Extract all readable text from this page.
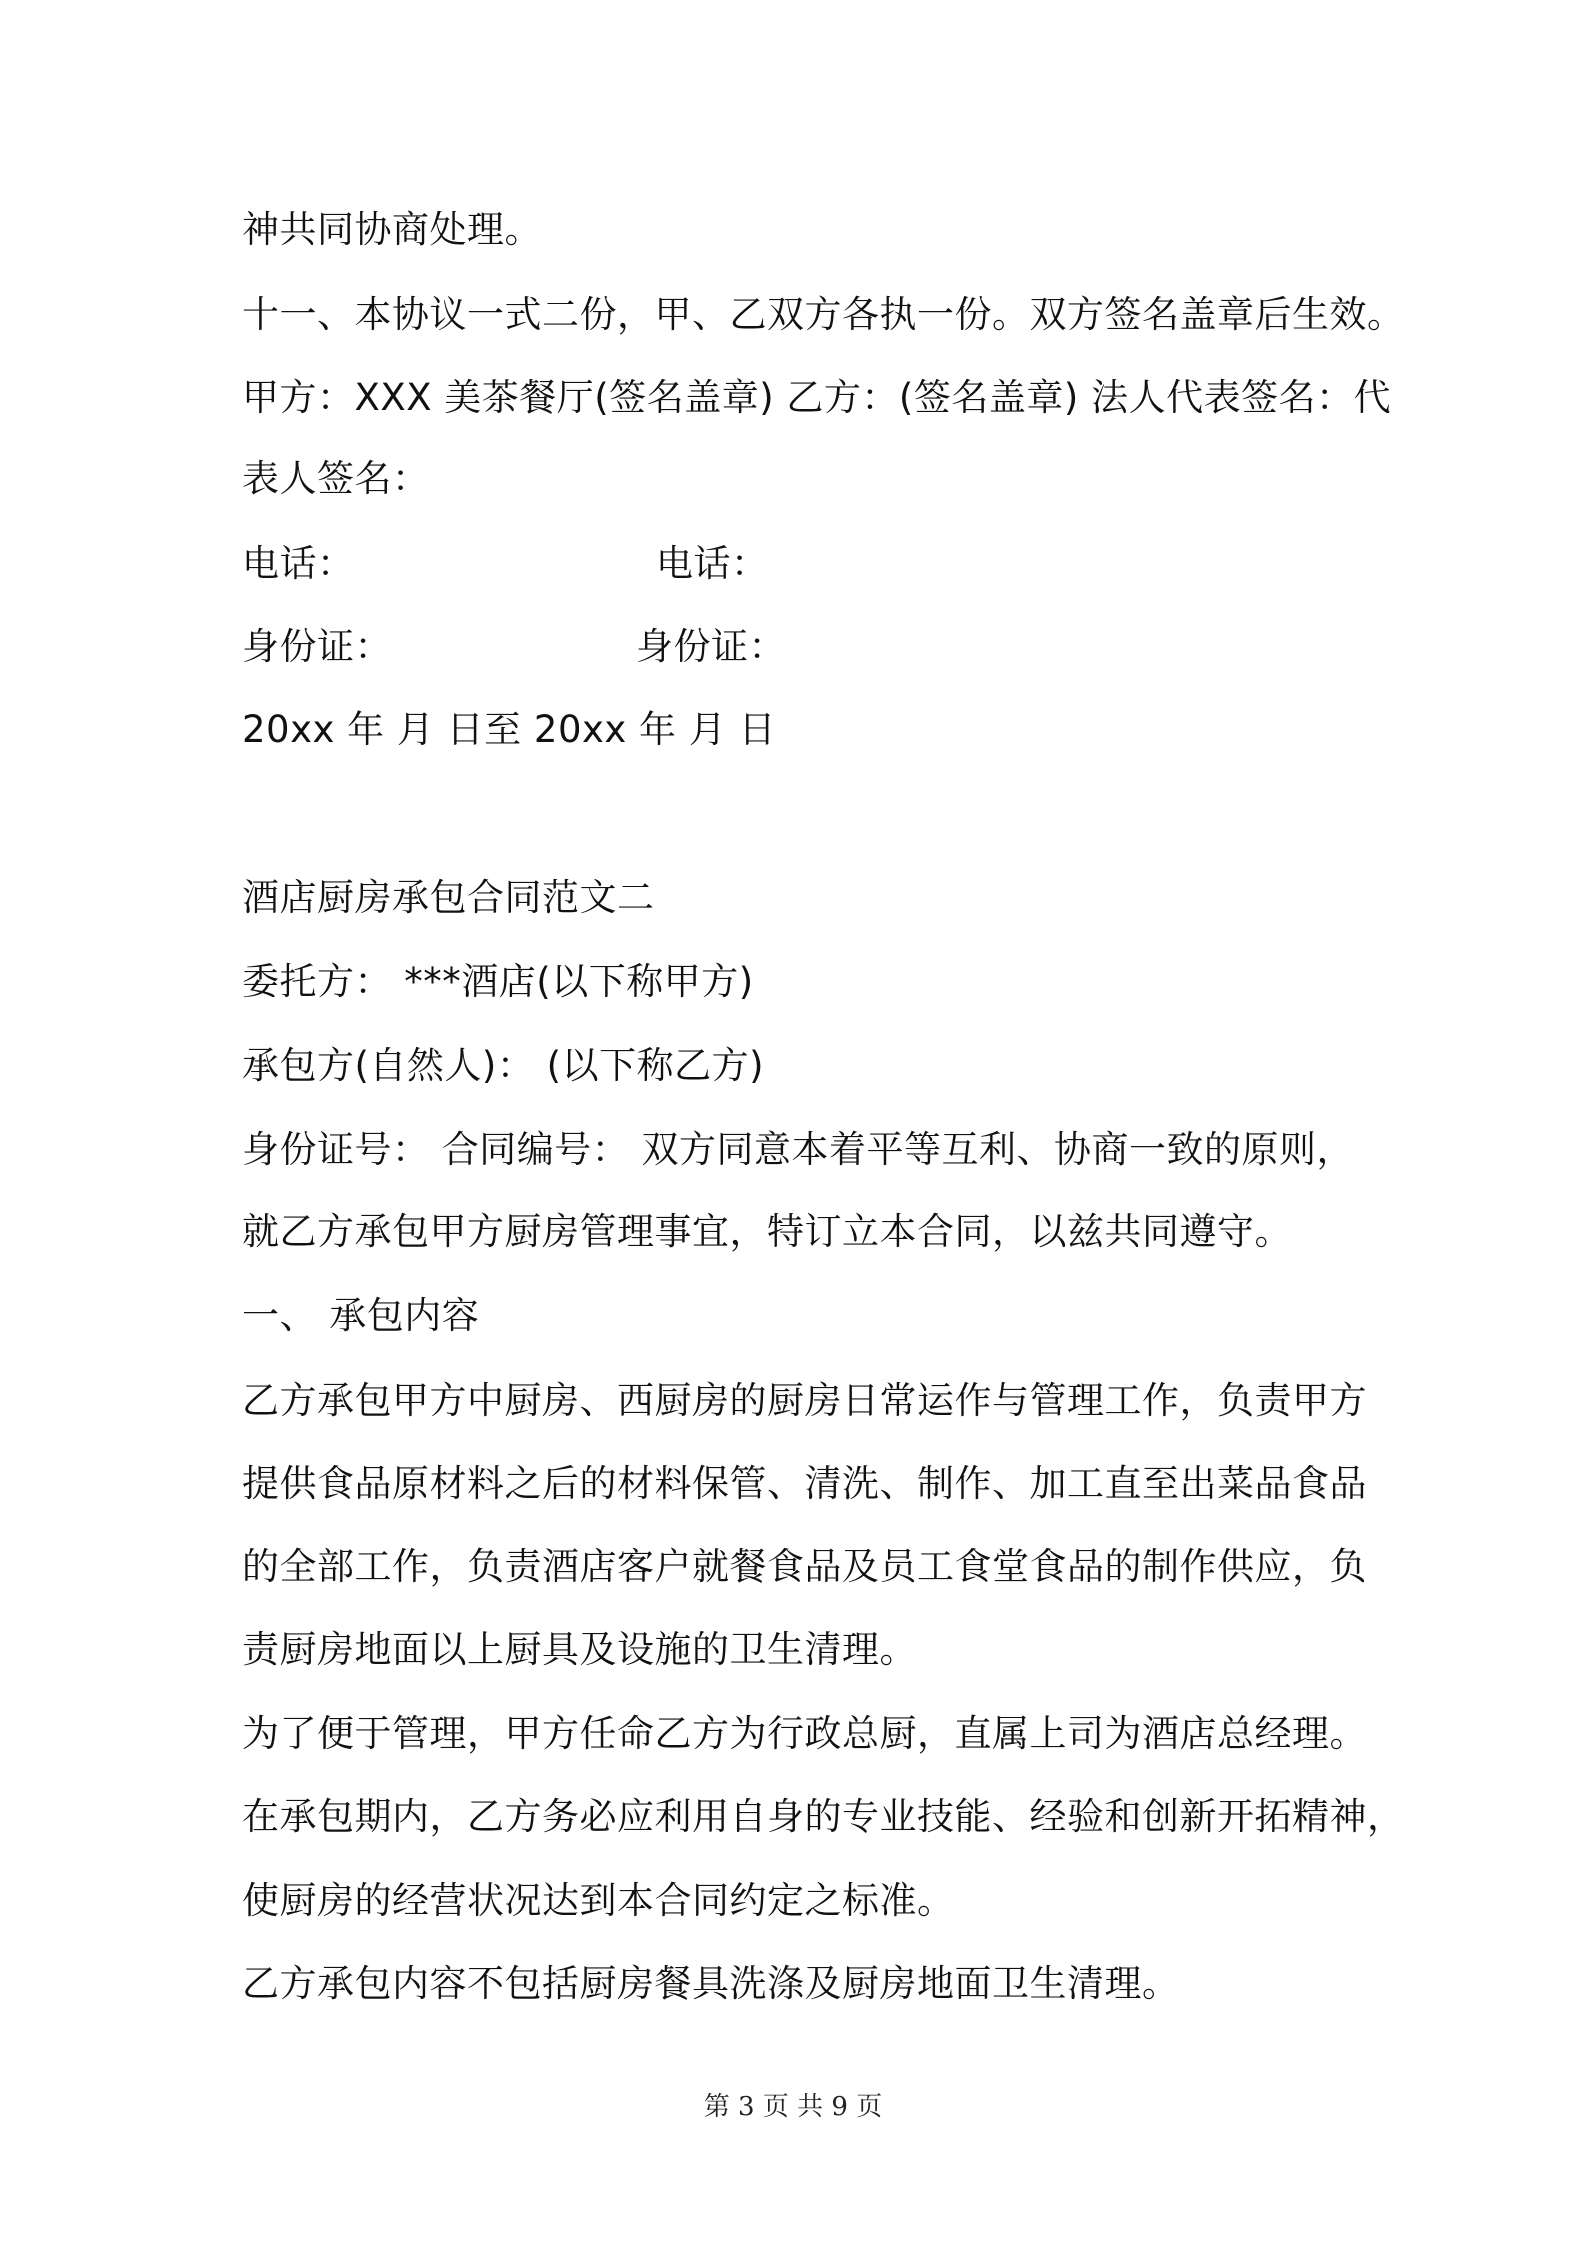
神共同协商处理。
十一、本协议一式二份，甲、乙双方各执一份。双方签名盖章后生效。
甲方：XXX 美茶餐厅(签名盖章) 乙方：(签名盖章) 法人代表签名：代
表人签名：
电话：	电话：
身份证：	身份证：
20xx 年 月 日至 20xx 年 月 日
酒店厨房承包合同范文二
委托方： ***酒店(以下称甲方)
承包方(自然人)： (以下称乙方)
身份证号： 合同编号： 双方同意本着平等互利、协商一致的原则，
就乙方承包甲方厨房管理事宜，特订立本合同，以兹共同遵守。
一、 承包内容
乙方承包甲方中厨房、西厨房的厨房日常运作与管理工作，负责甲方
提供食品原材料之后的材料保管、清洗、制作、加工直至出菜品食品
的全部工作，负责酒店客户就餐食品及员工食堂食品的制作供应，负
责厨房地面以上厨具及设施的卫生清理。
为了便于管理，甲方任命乙方为行政总厨，直属上司为酒店总经理。
在承包期内，乙方务必应利用自身的专业技能、经验和创新开拓精神，
使厨房的经营状况达到本合同约定之标准。
乙方承包内容不包括厨房餐具洗涤及厨房地面卫生清理。
第 3 页 共 9 页
